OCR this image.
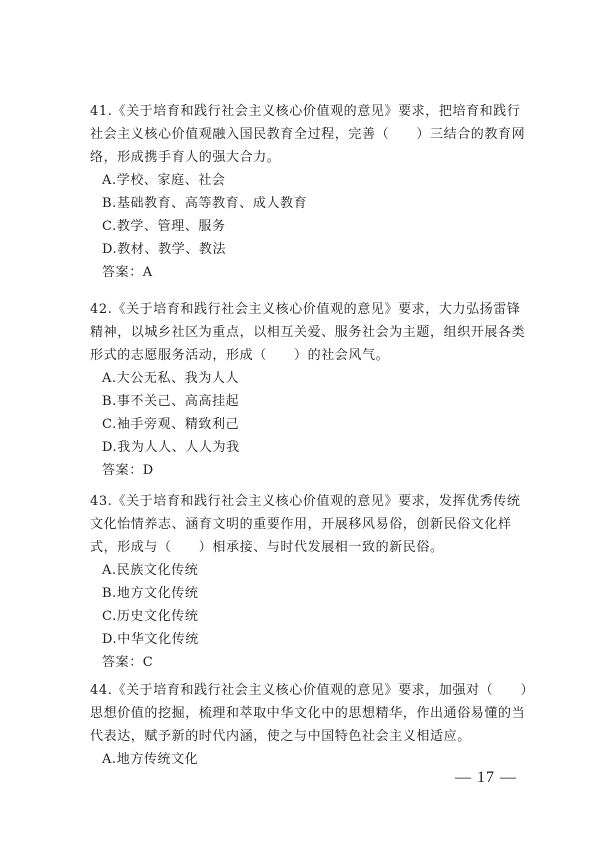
41.《关于培育和践行社会主义核心价值观的意见》要求，把培育和践行社会主义核心价值观融入国民教育全过程，完善（　　）三结合的教育网络，形成携手育人的强大合力。

A.学校、家庭、社会

B.基础教育、高等教育、成人教育

C.教学、管理、服务

D.教材、教学、教法

答案：A

42.《关于培育和践行社会主义核心价值观的意见》要求，大力弘扬雷锋精神，以城乡社区为重点，以相互关爱、服务社会为主题，组织开展各类形式的志愿服务活动，形成（　　）的社会风气。

A.大公无私、我为人人

B.事不关己、高高挂起

C.袖手旁观、精致利己

D.我为人人、人人为我

答案：D

43.《关于培育和践行社会主义核心价值观的意见》要求，发挥优秀传统文化怡情养志、涵育文明的重要作用，开展移风易俗，创新民俗文化样式，形成与（　　）相承接、与时代发展相一致的新民俗。

A.民族文化传统

B.地方文化传统

C.历史文化传统

D.中华文化传统

答案：C

44.《关于培育和践行社会主义核心价值观的意见》要求，加强对（　　）思想价值的挖掘，梳理和萃取中华文化中的思想精华，作出通俗易懂的当代表达，赋予新的时代内涵，使之与中国特色社会主义相适应。

A.地方传统文化

— 17 —
